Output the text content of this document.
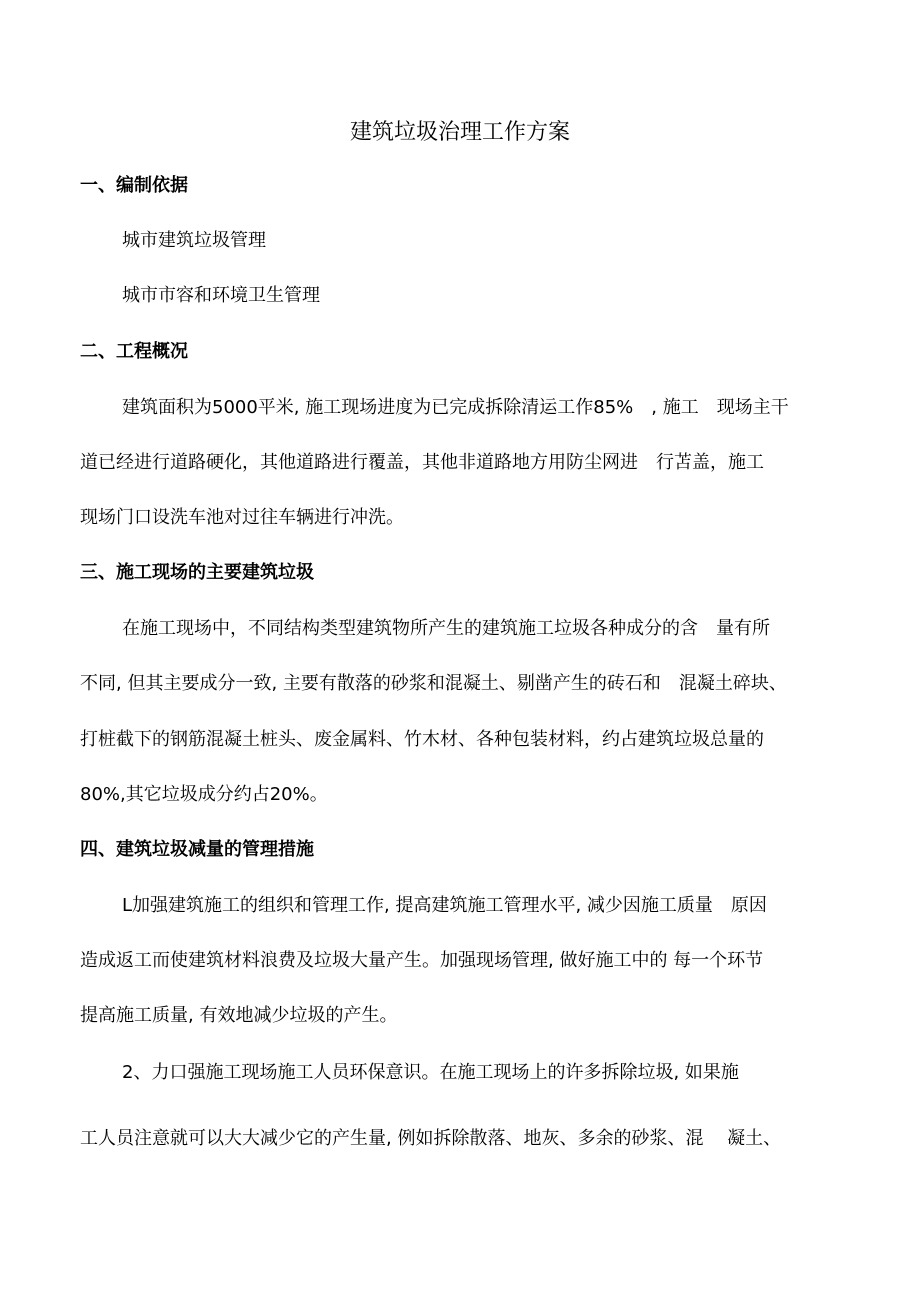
建筑垃圾治理工作方案
一、编制依据
城市建筑垃圾管理
城市市容和环境卫生管理
二、工程概况
建筑面积为5000平米, 施工现场进度为已完成拆除清运工作85%　, 施工　现场主干
道已经进行道路硬化，其他道路进行覆盖，其他非道路地方用防尘网进　行苫盖，施工
现场门口设洗车池对过往车辆进行冲洗。
三、施工现场的主要建筑垃圾
在施工现场中，不同结构类型建筑物所产生的建筑施工垃圾各种成分的含　量有所
不同, 但其主要成分一致, 主要有散落的砂浆和混凝土、剔凿产生的砖石和　混凝土碎块、
打桩截下的钢筋混凝土桩头、废金属料、竹木材、各种包装材料，约占建筑垃圾总量的
80%,其它垃圾成分约占20%。
四、建筑垃圾减量的管理措施
L加强建筑施工的组织和管理工作, 提高建筑施工管理水平, 减少因施工质量　原因
造成返工而使建筑材料浪费及垃圾大量产生。加强现场管理, 做好施工中的 每一个环节
提高施工质量, 有效地减少垃圾的产生。
2、力口强施工现场施工人员环保意识。在施工现场上的许多拆除垃圾, 如果施
工人员注意就可以大大减少它的产生量, 例如拆除散落、地灰、多余的砂浆、混　 凝土、
